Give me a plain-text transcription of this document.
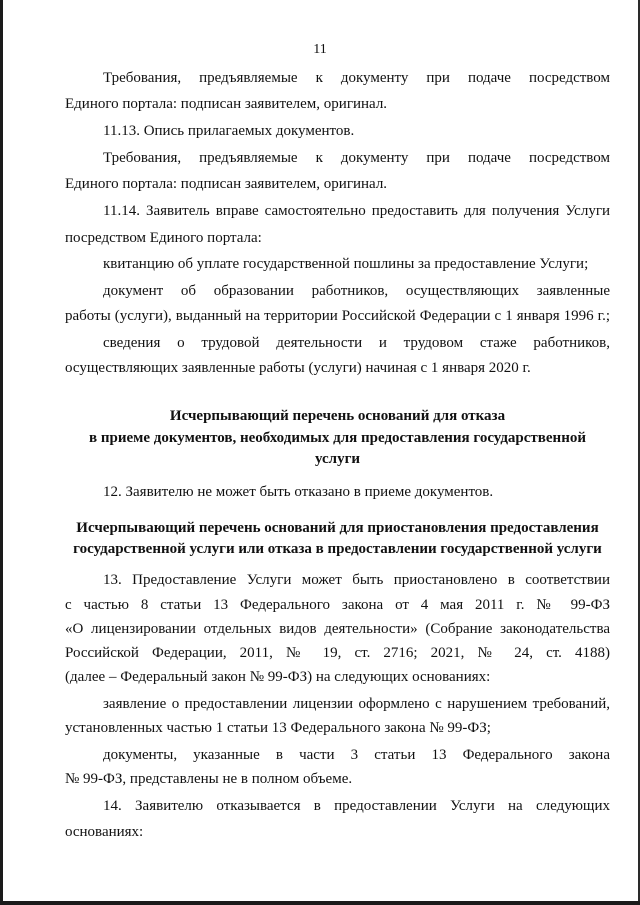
11
Требования, предъявляемые к документу при подаче посредством
Единого портала: подписан заявителем, оригинал.
11.13. Опись прилагаемых документов.
Требования, предъявляемые к документу при подаче посредством
Единого портала: подписан заявителем, оригинал.
11.14. Заявитель вправе самостоятельно предоставить для получения Услуги
посредством Единого портала:
квитанцию об уплате государственной пошлины за предоставление Услуги;
документ об образовании работников, осуществляющих заявленные
работы (услуги), выданный на территории Российской Федерации с 1 января 1996 г.;
сведения о трудовой деятельности и трудовом стаже работников,
осуществляющих заявленные работы (услуги) начиная с 1 января 2020 г.
Исчерпывающий перечень оснований для отказа
в приеме документов, необходимых для предоставления государственной
услуги
12. Заявителю не может быть отказано в приеме документов.
Исчерпывающий перечень оснований для приостановления предоставления
государственной услуги или отказа в предоставлении государственной услуги
13. Предоставление Услуги может быть приостановлено в соответствии
с частью 8 статьи 13 Федерального закона от 4 мая 2011 г. № 99-ФЗ
«О лицензировании отдельных видов деятельности» (Собрание законодательства
Российской Федерации, 2011, № 19, ст. 2716; 2021, № 24, ст. 4188)
(далее – Федеральный закон № 99-ФЗ) на следующих основаниях:
заявление о предоставлении лицензии оформлено с нарушением требований,
установленных частью 1 статьи 13 Федерального закона № 99-ФЗ;
документы, указанные в части 3 статьи 13 Федерального закона
№ 99-ФЗ, представлены не в полном объеме.
14. Заявителю отказывается в предоставлении Услуги на следующих
основаниях:
